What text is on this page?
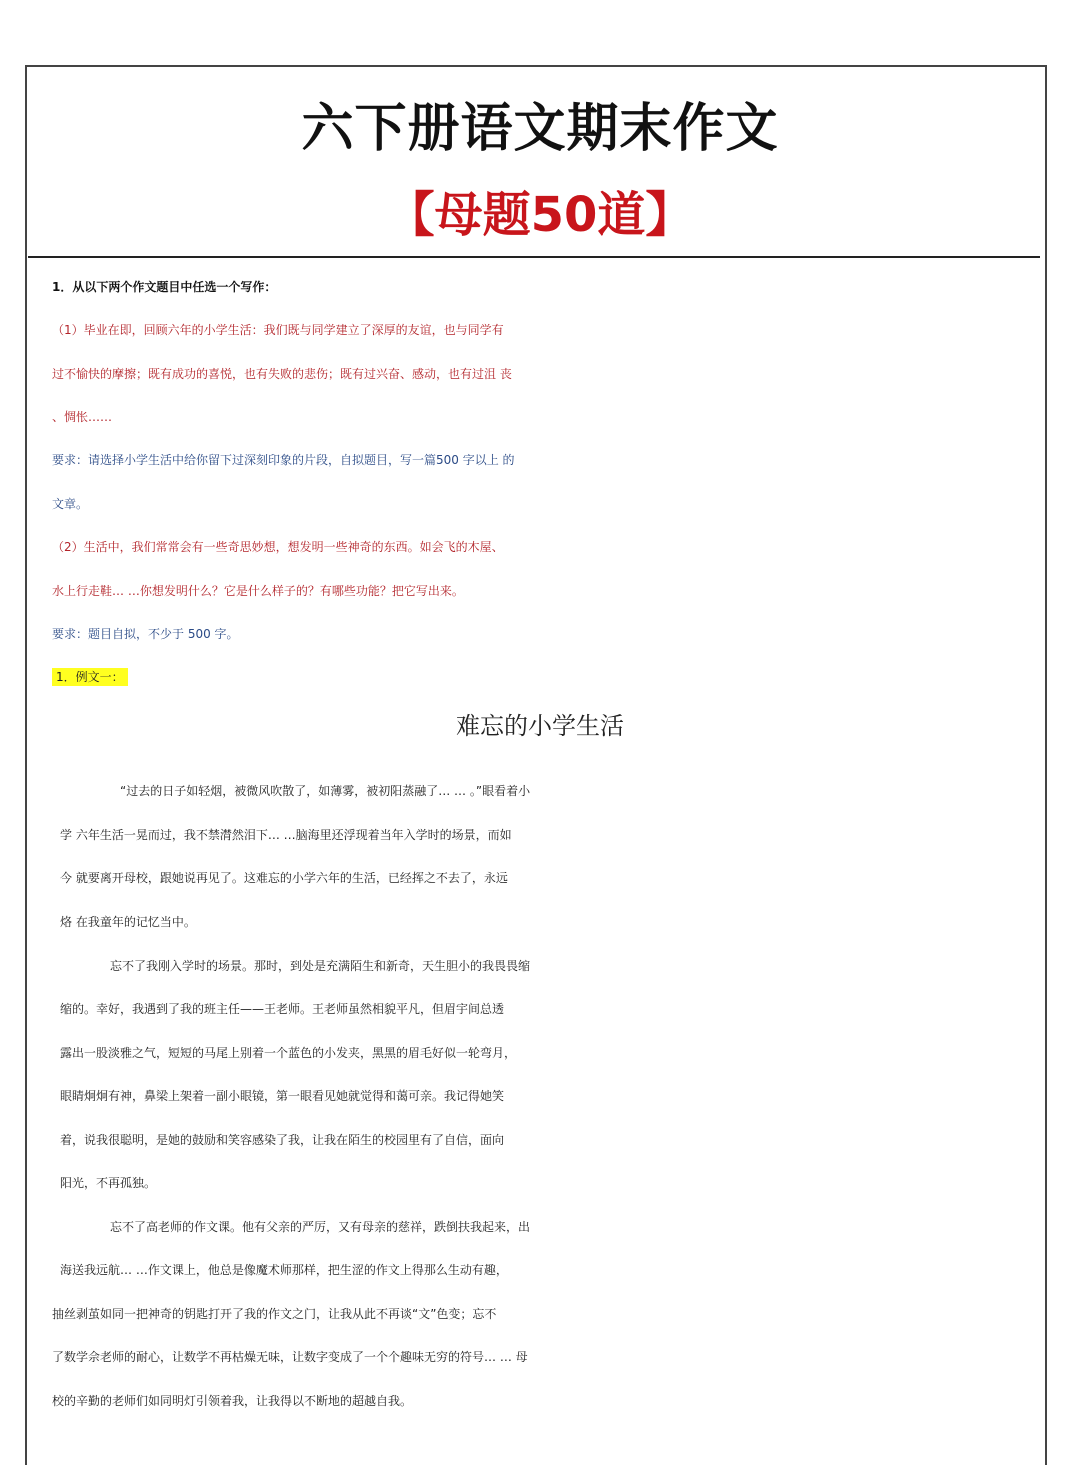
六下册语文期末作文
【母题50道】
1．从以下两个作文题目中任选一个写作：
（1）毕业在即，回顾六年的小学生活：我们既与同学建立了深厚的友谊，也与同学有
过不愉快的摩擦；既有成功的喜悦，也有失败的悲伤；既有过兴奋、感动，也有过沮 丧
、惆怅……
要求：请选择小学生活中给你留下过深刻印象的片段，自拟题目，写一篇500 字以上 的
文章。
（2）生活中，我们常常会有一些奇思妙想，想发明一些神奇的东西。如会飞的木屋、
水上行走鞋… …你想发明什么？它是什么样子的？有哪些功能？把它写出来。
要求：题目自拟，不少于 500 字。
1．例文一：
难忘的小学生活
“过去的日子如轻烟，被微风吹散了，如薄雾，被初阳蒸融了… … 。”眼看着小
学 六年生活一晃而过，我不禁潸然泪下… …脑海里还浮现着当年入学时的场景，而如
今 就要离开母校，跟她说再见了。这难忘的小学六年的生活，已经挥之不去了，永远
烙 在我童年的记忆当中。
忘不了我刚入学时的场景。那时，到处是充满陌生和新奇，天生胆小的我畏畏缩
缩的。幸好，我遇到了我的班主任——王老师。王老师虽然相貌平凡，但眉宇间总透
露出一股淡雅之气，短短的马尾上别着一个蓝色的小发夹，黑黑的眉毛好似一轮弯月，
眼睛炯炯有神，鼻梁上架着一副小眼镜，第一眼看见她就觉得和蔼可亲。我记得她笑
着，说我很聪明，是她的鼓励和笑容感染了我，让我在陌生的校园里有了自信，面向
阳光，不再孤独。
忘不了高老师的作文课。他有父亲的严厉，又有母亲的慈祥，跌倒扶我起来，出
海送我远航… …作文课上，他总是像魔术师那样，把生涩的作文上得那么生动有趣，
抽丝剥茧如同一把神奇的钥匙打开了我的作文之门，让我从此不再谈“文”色变；忘不
了数学佘老师的耐心，让数学不再枯燥无味，让数字变成了一个个趣味无穷的符号… … 母
校的辛勤的老师们如同明灯引领着我，让我得以不断地的超越自我。
